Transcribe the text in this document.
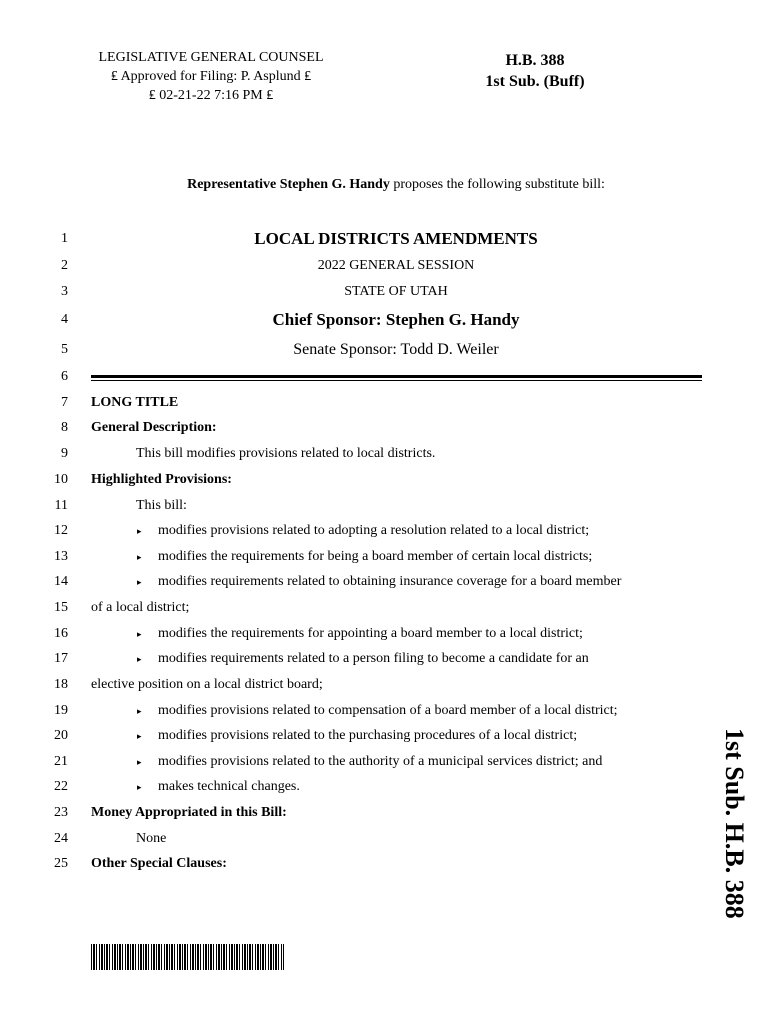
LEGISLATIVE GENERAL COUNSEL
₤ Approved for Filing: P. Asplund ₤
₤ 02-21-22 7:16 PM ₤
H.B. 388
1st Sub. (Buff)
Representative Stephen G. Handy proposes the following substitute bill:
1	LOCAL DISTRICTS AMENDMENTS
2	2022 GENERAL SESSION
3	STATE OF UTAH
4	Chief Sponsor: Stephen G. Handy
5	Senate Sponsor: Todd D. Weiler
6
7 LONG TITLE
8 General Description:
9	This bill modifies provisions related to local districts.
10 Highlighted Provisions:
11	This bill:
12	▸ modifies provisions related to adopting a resolution related to a local district;
13	▸ modifies the requirements for being a board member of certain local districts;
14	▸ modifies requirements related to obtaining insurance coverage for a board member
15 of a local district;
16	▸ modifies the requirements for appointing a board member to a local district;
17	▸ modifies requirements related to a person filing to become a candidate for an
18 elective position on a local district board;
19	▸ modifies provisions related to compensation of a board member of a local district;
20	▸ modifies provisions related to the purchasing procedures of a local district;
21	▸ modifies provisions related to the authority of a municipal services district; and
22	▸ makes technical changes.
23 Money Appropriated in this Bill:
24	None
25 Other Special Clauses:	1st Sub. H.B. 388
